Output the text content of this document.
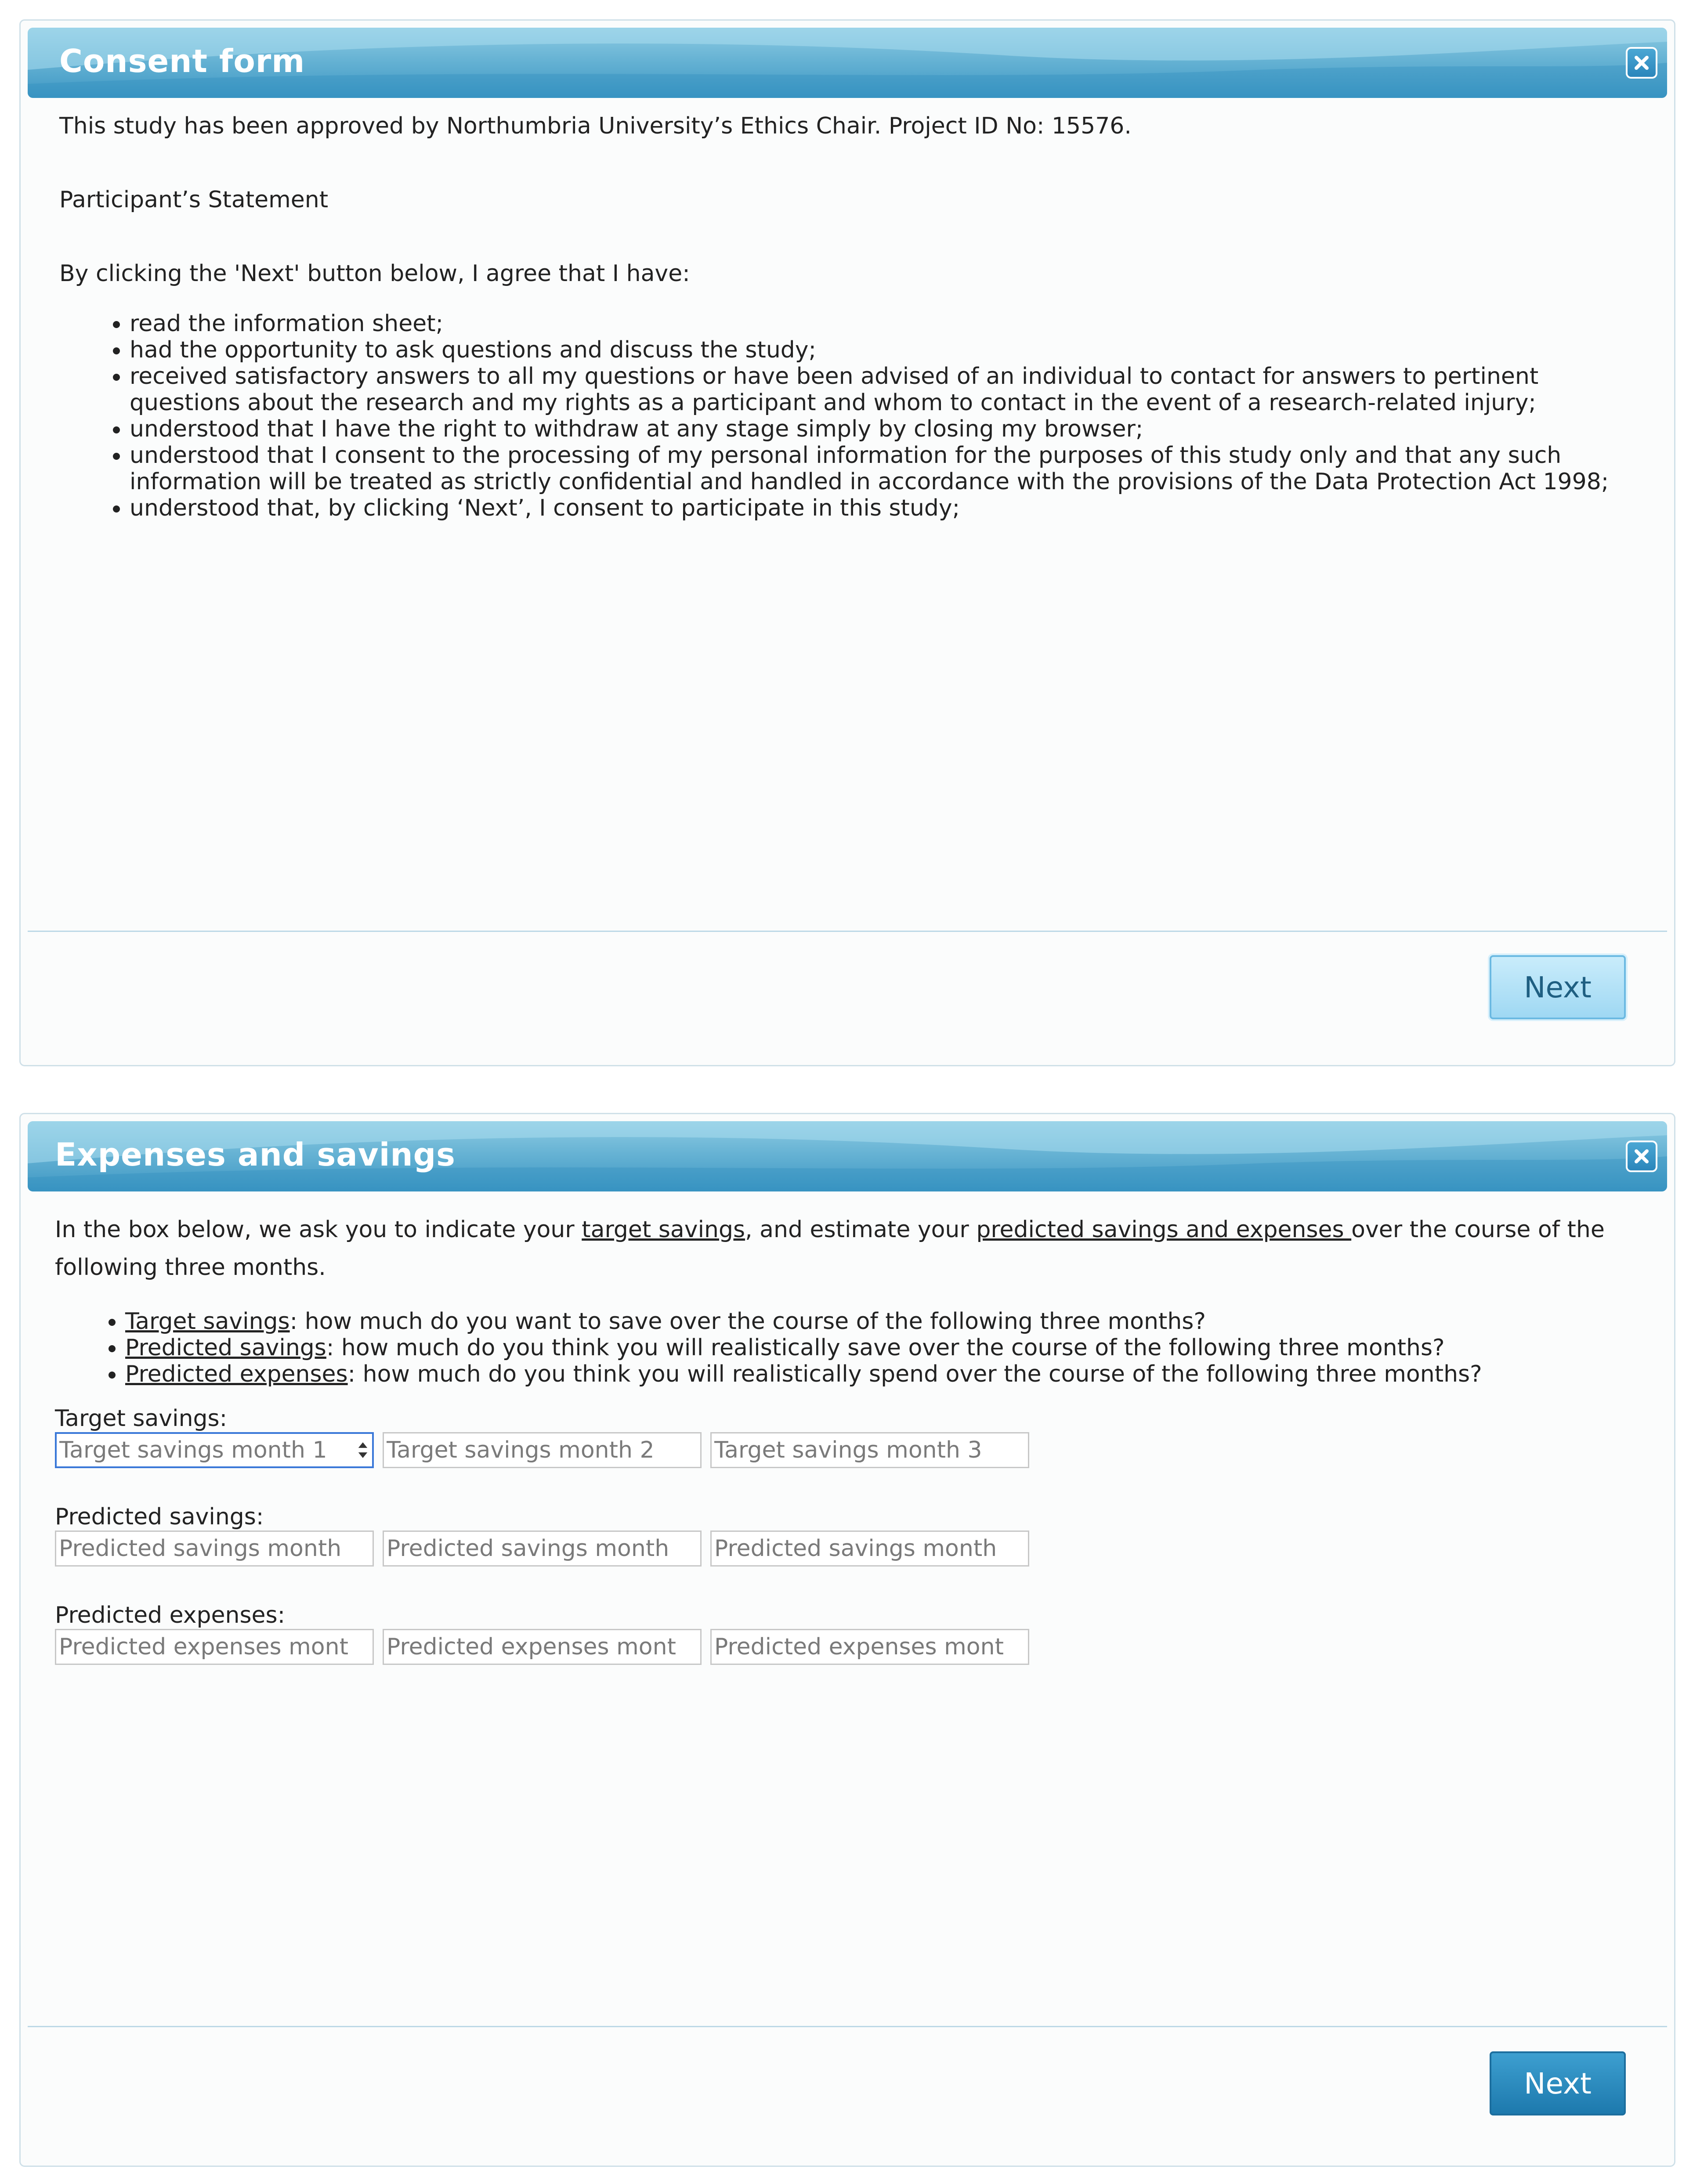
Consent form

This study has been approved by Northumbria University’s Ethics Chair. Project ID No: 15576.

Participant’s Statement

By clicking the 'Next' button below, I agree that I have:

• read the information sheet;
• had the opportunity to ask questions and discuss the study;
• received satisfactory answers to all my questions or have been advised of an individual to contact for answers to pertinent questions about the research and my rights as a participant and whom to contact in the event of a research-related injury;
• understood that I have the right to withdraw at any stage simply by closing my browser;
• understood that I consent to the processing of my personal information for the purposes of this study only and that any such information will be treated as strictly confidential and handled in accordance with the provisions of the Data Protection Act 1998;
• understood that, by clicking ‘Next’, I consent to participate in this study;
Next
Expenses and savings

In the box below, we ask you to indicate your target savings, and estimate your predicted savings and expenses over the course of the following three months.

• Target savings: how much do you want to save over the course of the following three months?
• Predicted savings: how much do you think you will realistically save over the course of the following three months?
• Predicted expenses: how much do you think you will realistically spend over the course of the following three months?
Target savings:
Target savings month 1
Target savings month 2
Target savings month 3
Predicted savings:
Predicted savings month
Predicted savings month
Predicted savings month
Predicted expenses:
Predicted expenses mont
Predicted expenses mont
Predicted expenses mont
Next
